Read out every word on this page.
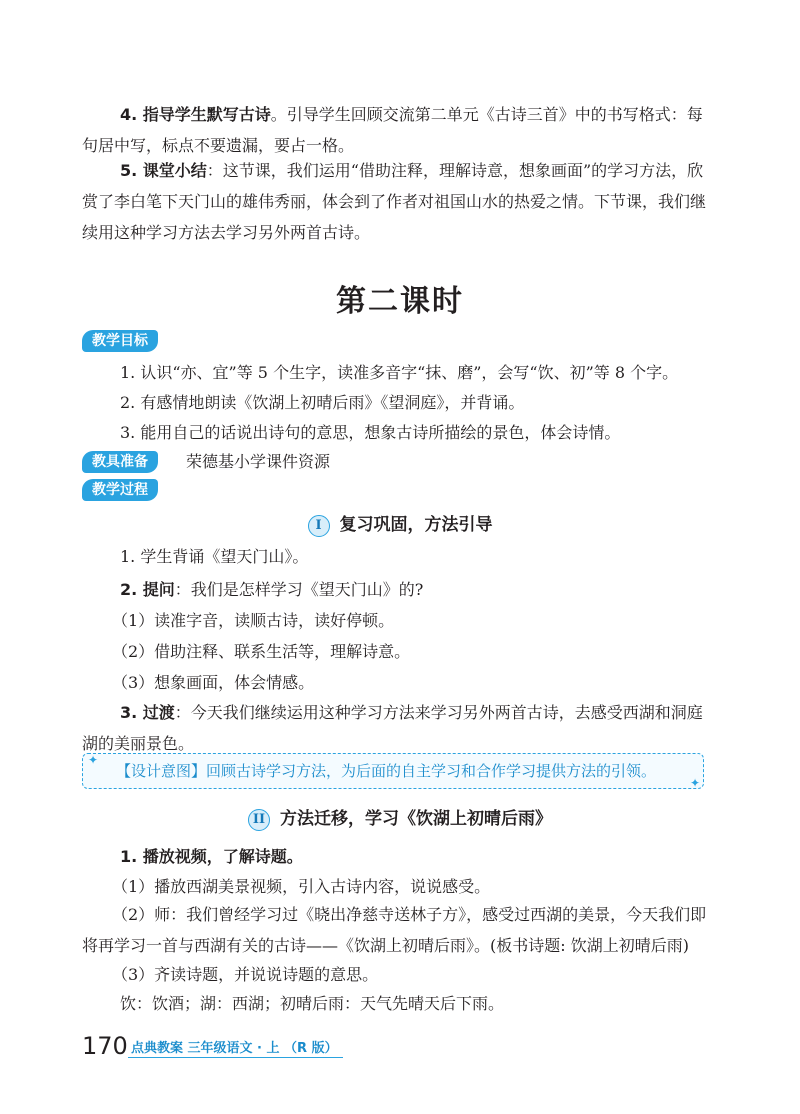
4. 指导学生默写古诗。引导学生回顾交流第二单元《古诗三首》中的书写格式：每句居中写，标点不要遗漏，要占一格。

5. 课堂小结：这节课，我们运用“借助注释，理解诗意，想象画面”的学习方法，欣赏了李白笔下天门山的雄伟秀丽，体会到了作者对祖国山水的热爱之情。下节课，我们继续用这种学习方法去学习另外两首古诗。

第二课时
教学目标
1. 认识“亦、宜”等 5 个生字，读准多音字“抹、磨”，会写“饮、初”等 8 个字。
2. 有感情地朗读《饮湖上初晴后雨》《望洞庭》，并背诵。
3. 能用自己的话说出诗句的意思，想象古诗所描绘的景色，体会诗情。
教具准备	荣德基小学课件资源
教学过程
I 复习巩固，方法引导
1. 学生背诵《望天门山》。
2. 提问：我们是怎样学习《望天门山》的?
（1）读准字音，读顺古诗，读好停顿。
（2）借助注释、联系生活等，理解诗意。
（3）想象画面，体会情感。

3. 过渡：今天我们继续运用这种学习方法来学习另外两首古诗，去感受西湖和洞庭湖的美丽景色。

✦
✦
【设计意图】回顾古诗学习方法，为后面的自主学习和合作学习提供方法的引领。
II 方法迁移，学习《饮湖上初晴后雨》
1. 播放视频，了解诗题。
（1）播放西湖美景视频，引入古诗内容，说说感受。

（2）师：我们曾经学习过《晓出净慈寺送林子方》，感受过西湖的美景，今天我们即将再学习一首与西湖有关的古诗——《饮湖上初晴后雨》。(板书诗题: 饮湖上初晴后雨)

（3）齐读诗题，并说说诗题的意思。
饮：饮酒；湖：西湖；初晴后雨：天气先晴天后下雨。
170 点典教案 三年级语文 · 上 （R 版）
